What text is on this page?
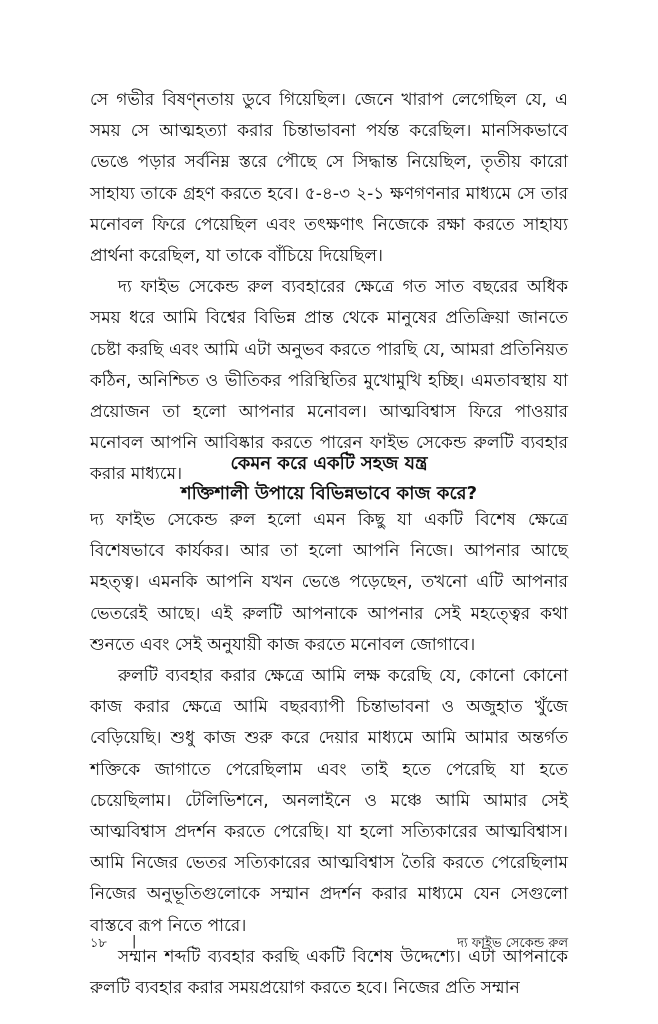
সে গভীর বিষণ্নতায় ডুবে গিয়েছিল। জেনে খারাপ লেগেছিল যে, এ সময় সে আত্মহত্যা করার চিন্তাভাবনা পর্যন্ত করেছিল। মানসিকভাবে ভেঙে পড়ার সর্বনিম্ন স্তরে পৌছে সে সিদ্ধান্ত নিয়েছিল, তৃতীয় কারো সাহায্য তাকে গ্রহণ করতে হবে। ৫-৪-৩ ২-১ ক্ষণগণনার মাধ্যমে সে তার মনোবল ফিরে পেয়েছিল এবং তৎক্ষণাৎ নিজেকে রক্ষা করতে সাহায্য প্রার্থনা করেছিল, যা তাকে বাঁচিয়ে দিয়েছিল।

দ্য ফাইভ সেকেন্ড রুল ব্যবহারের ক্ষেত্রে গত সাত বছরের অধিক সময় ধরে আমি বিশ্বের বিভিন্ন প্রান্ত থেকে মানুষের প্রতিক্রিয়া জানতে চেষ্টা করছি এবং আমি এটা অনুভব করতে পারছি যে, আমরা প্রতিনিয়ত কঠিন, অনিশ্চিত ও ভীতিকর পরিস্থিতির মুখোমুখি হচ্ছি। এমতাবস্থায় যা প্রয়োজন তা হলো আপনার মনোবল। আত্মবিশ্বাস ফিরে পাওয়ার মনোবল আপনি আবিষ্কার করতে পারেন ফাইভ সেকেন্ড রুলটি ব্যবহার করার মাধ্যমে।

কেমন করে একটি সহজ যন্ত্র
শক্তিশালী উপায়ে বিভিন্নভাবে কাজ করে?

দ্য ফাইভ সেকেন্ড রুল হলো এমন কিছু যা একটি বিশেষ ক্ষেত্রে বিশেষভাবে কার্যকর। আর তা হলো আপনি নিজে। আপনার আছে মহত্ত্ব। এমনকি আপনি যখন ভেঙে পড়েছেন, তখনো এটি আপনার ভেতরেই আছে। এই রুলটি আপনাকে আপনার সেই মহত্ত্বের কথা শুনতে এবং সেই অনুযায়ী কাজ করতে মনোবল জোগাবে।

রুলটি ব্যবহার করার ক্ষেত্রে আমি লক্ষ করেছি যে, কোনো কোনো কাজ করার ক্ষেত্রে আমি বছরব্যাপী চিন্তাভাবনা ও অজুহাত খুঁজে বেড়িয়েছি। শুধু কাজ শুরু করে দেয়ার মাধ্যমে আমি আমার অন্তর্গত শক্তিকে জাগাতে পেরেছিলাম এবং তাই হতে পেরেছি যা হতে চেয়েছিলাম। টেলিভিশনে, অনলাইনে ও মঞ্চে আমি আমার সেই আত্মবিশ্বাস প্রদর্শন করতে পেরেছি। যা হলো সত্যিকারের আত্মবিশ্বাস। আমি নিজের ভেতর সত্যিকারের আত্মবিশ্বাস তৈরি করতে পেরেছিলাম নিজের অনুভূতিগুলোকে সম্মান প্রদর্শন করার মাধ্যমে যেন সেগুলো বাস্তবে রূপ নিতে পারে।

সম্মান শব্দটি ব্যবহার করছি একটি বিশেষ উদ্দেশ্যে। এটা আপনাকে রুলটি ব্যবহার করার সময়প্রয়োগ করতে হবে। নিজের প্রতি সম্মান

১৮ |	দ্য ফাইভ সেকেন্ড রুল
